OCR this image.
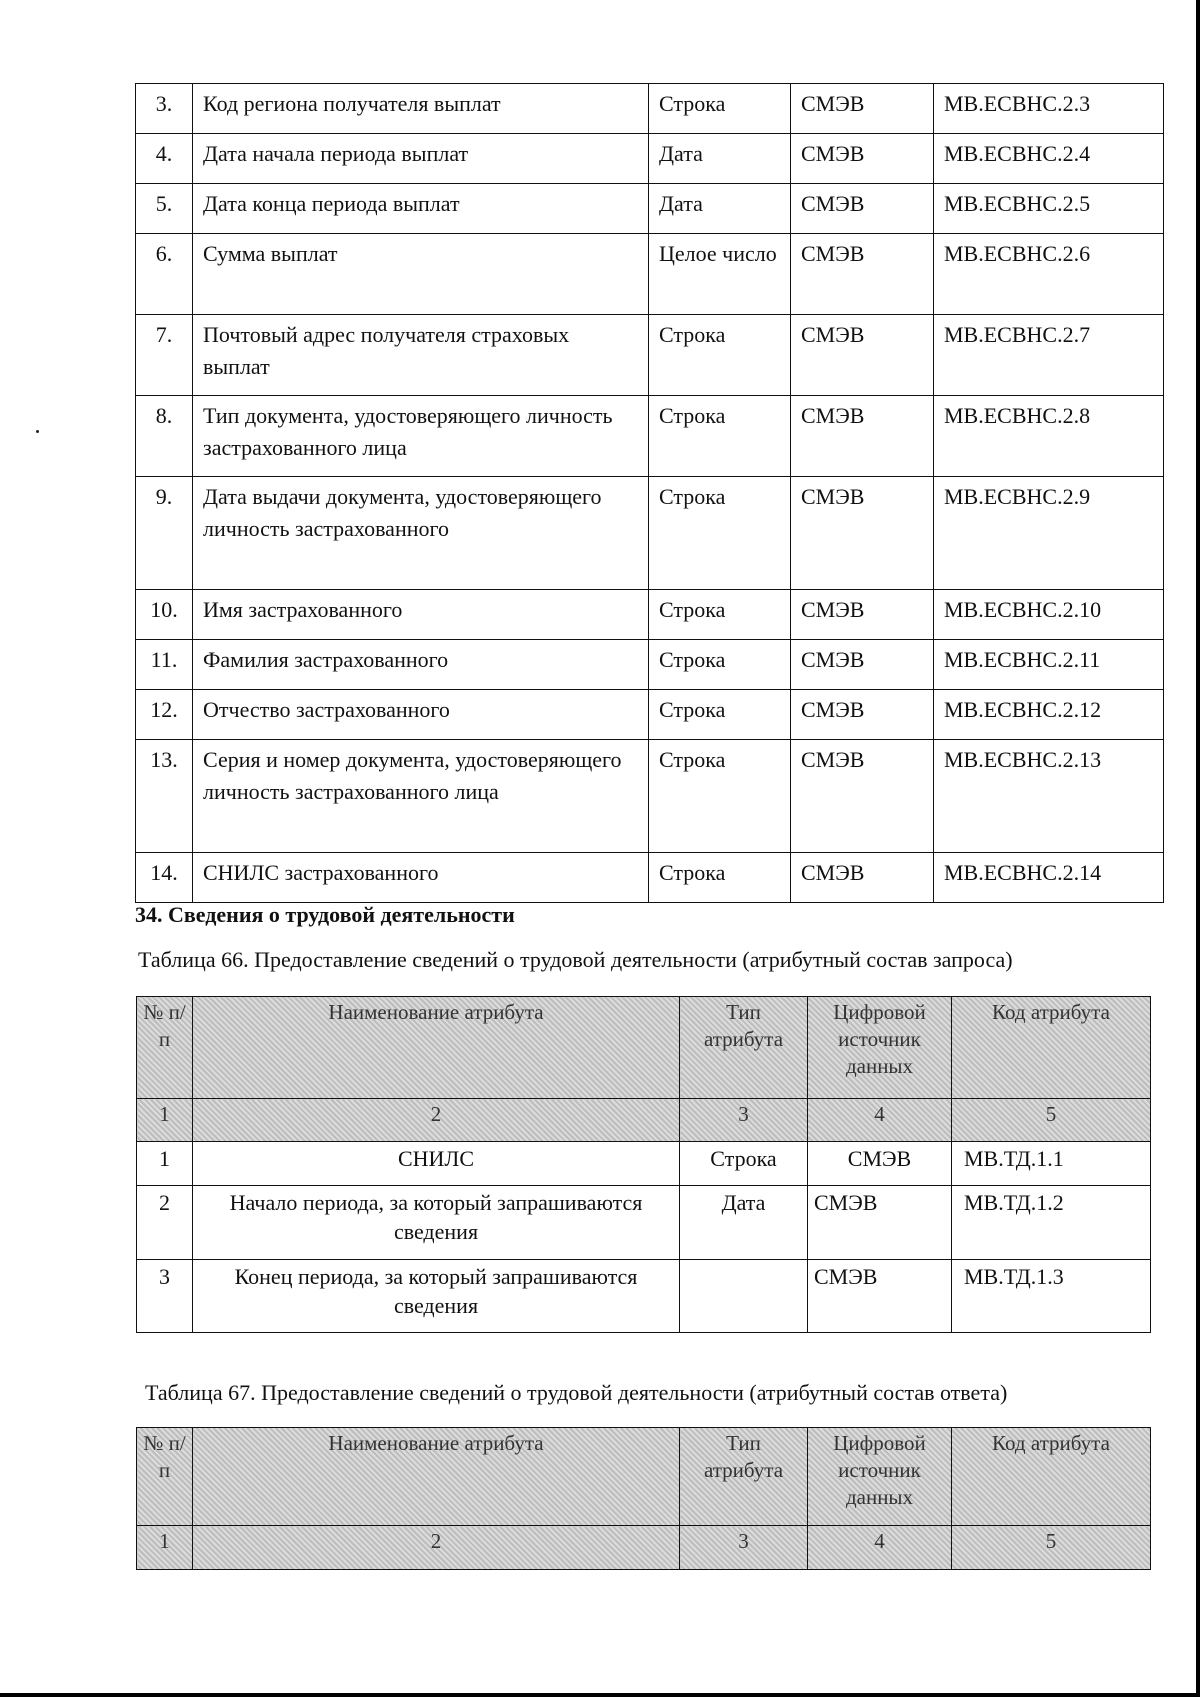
3.	Код региона получателя выплат	Строка	СМЭВ	МВ.ЕСВНС.2.3
4.	Дата начала периода выплат	Дата	СМЭВ	МВ.ЕСВНС.2.4
5.	Дата конца периода выплат	Дата	СМЭВ	МВ.ЕСВНС.2.5
6.	Сумма выплат	Целое число	СМЭВ	МВ.ЕСВНС.2.6
7.	Почтовый адрес получателя страховых выплат	Строка	СМЭВ	МВ.ЕСВНС.2.7
8.	Тип документа, удостоверяющего личность застрахованного лица	Строка	СМЭВ	МВ.ЕСВНС.2.8
9.	Дата выдачи документа, удостоверяющего личность застрахованного	Строка	СМЭВ	МВ.ЕСВНС.2.9
10.	Имя застрахованного	Строка	СМЭВ	МВ.ЕСВНС.2.10
11.	Фамилия застрахованного	Строка	СМЭВ	МВ.ЕСВНС.2.11
12.	Отчество застрахованного	Строка	СМЭВ	МВ.ЕСВНС.2.12
13.	Серия и номер документа, удостоверяющего личность застрахованного лица	Строка	СМЭВ	МВ.ЕСВНС.2.13
14.	СНИЛС застрахованного	Строка	СМЭВ	МВ.ЕСВНС.2.14
34. Сведения о трудовой деятельности
Таблица 66. Предоставление сведений о трудовой деятельности (атрибутный состав запроса)
№ п/п	Наименование атрибута	Тип атрибута	Цифровой источник данных	Код атрибута
1	2	3	4	5
1	СНИЛС	Строка	СМЭВ	МВ.ТД.1.1
2	Начало периода, за который запрашиваются сведения	Дата	СМЭВ	МВ.ТД.1.2
3	Конец периода, за который запрашиваются сведения		СМЭВ	МВ.ТД.1.3
Таблица 67. Предоставление сведений о трудовой деятельности (атрибутный состав ответа)
№ п/п	Наименование атрибута	Тип атрибута	Цифровой источник данных	Код атрибута
1	2	3	4	5
